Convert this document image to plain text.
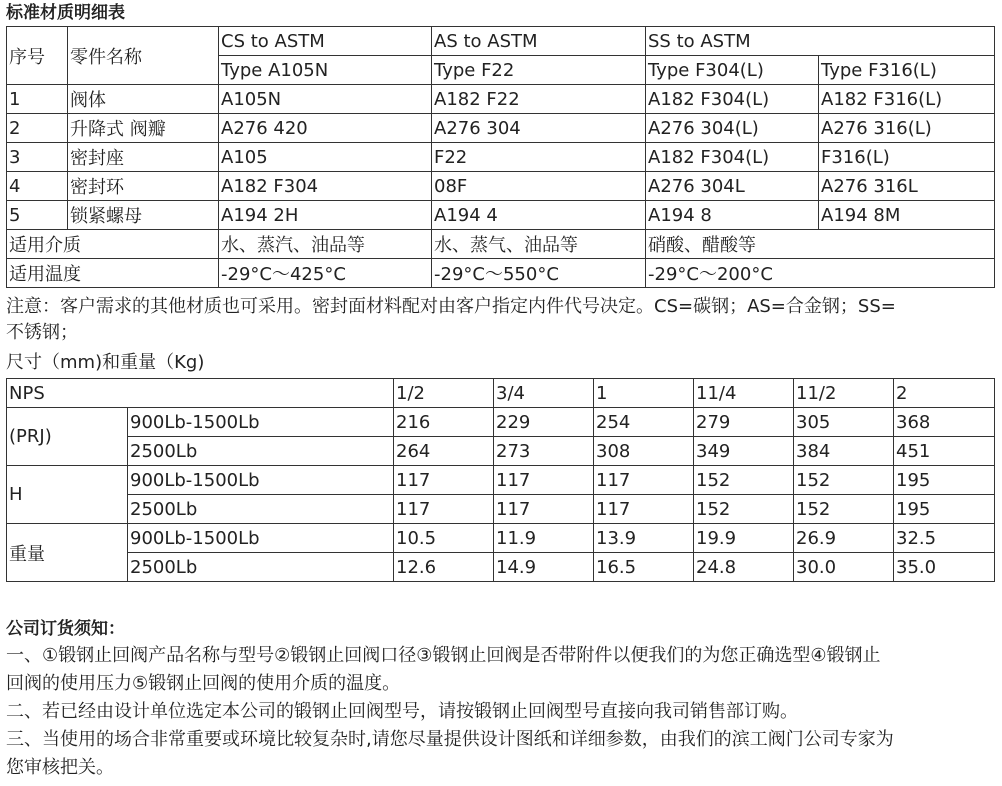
标准材质明细表
序号	零件名称	CS to ASTM	AS to ASTM	SS to ASTM	
		Type A105N	Type F22	Type F304(L)	Type F316(L)
1	阀体	A105N	A182 F22	A182 F304(L)	A182 F316(L)
2	升降式 阀瓣	A276 420	A276 304	A276 304(L)	A276 316(L)
3	密封座	A105	F22	A182 F304(L)	F316(L)
4	密封环	A182 F304	08F	A276 304L	A276 316L
5	锁紧螺母	A194 2H	A194 4	A194 8	A194 8M
适用介质		水、蒸汽、油品等	水、蒸气、油品等	硝酸、醋酸等	
适用温度		-29°C～425°C	-29°C～550°C	-29°C～200°C	
注意：客户需求的其他材质也可采用。密封面材料配对由客户指定内件代号决定。CS=碳钢；AS=合金钢；SS=
不锈钢；
尺寸（mm)和重量（Kg)
NPS		1/2	3/4	1	11/4	11/2	2
(PRJ)	900Lb-1500Lb	216	229	254	279	305	368
	2500Lb	264	273	308	349	384	451
H	900Lb-1500Lb	117	117	117	152	152	195
	2500Lb	117	117	117	152	152	195
重量	900Lb-1500Lb	10.5	11.9	13.9	19.9	26.9	32.5
	2500Lb	12.6	14.9	16.5	24.8	30.0	35.0
公司订货须知：
一、①锻钢止回阀产品名称与型号②锻钢止回阀口径③锻钢止回阀是否带附件以便我们的为您正确选型④锻钢止
回阀的使用压力⑤锻钢止回阀的使用介质的温度。
二、若已经由设计单位选定本公司的锻钢止回阀型号，请按锻钢止回阀型号直接向我司销售部订购。
三、当使用的场合非常重要或环境比较复杂时,请您尽量提供设计图纸和详细参数，由我们的滨工阀门公司专家为
您审核把关。
